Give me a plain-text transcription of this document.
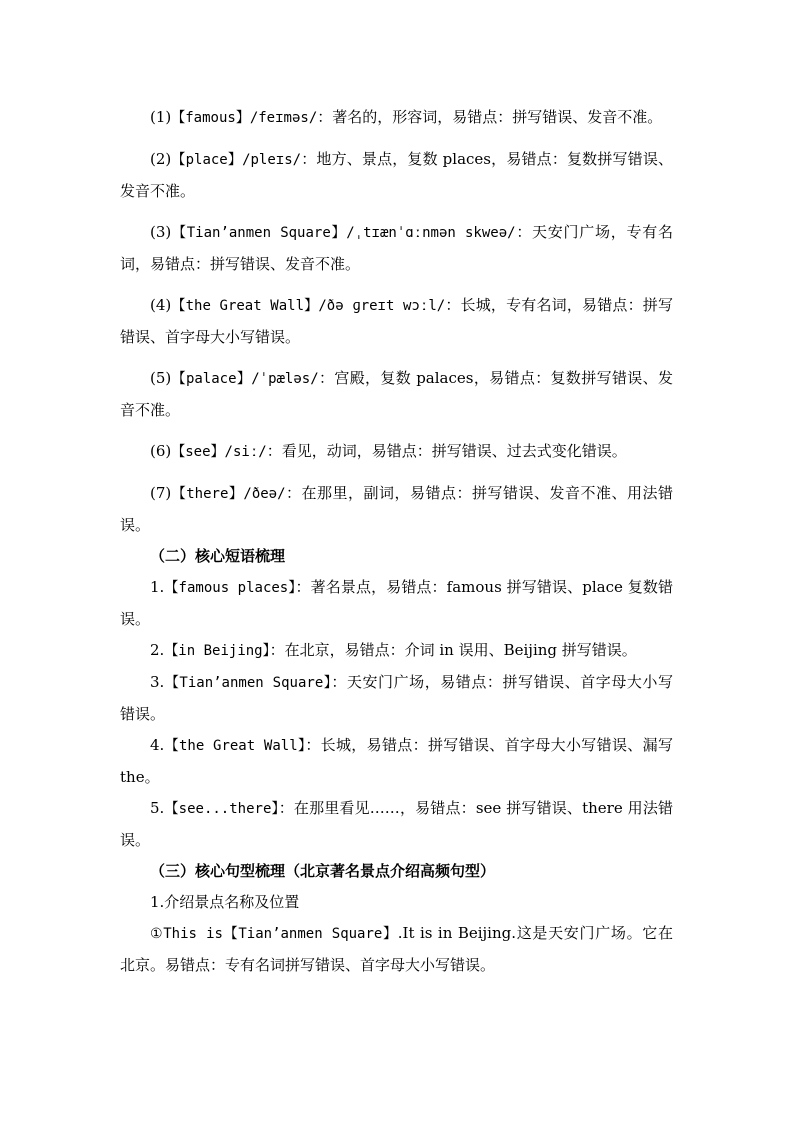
(1)【famous】/feɪməs/：著名的，形容词，易错点：拼写错误、发音不准。

(2)【place】/pleɪs/：地方、景点，复数 places，易错点：复数拼写错误、发音不准。

(3)【Tian’anmen Square】/ˌtɪænˈɑːnmən skweə/：天安门广场，专有名词，易错点：拼写错误、发音不准。

(4)【the Great Wall】/ðə ɡreɪt wɔːl/：长城，专有名词，易错点：拼写错误、首字母大小写错误。

(5)【palace】/ˈpæləs/：宫殿，复数 palaces，易错点：复数拼写错误、发音不准。

(6)【see】/siː/：看见，动词，易错点：拼写错误、过去式变化错误。

(7)【there】/ðeə/：在那里，副词，易错点：拼写错误、发音不准、用法错误。

（二）核心短语梳理

1.【famous places】：著名景点，易错点：famous 拼写错误、place 复数错误。

2.【in Beijing】：在北京，易错点：介词 in 误用、Beijing 拼写错误。

3.【Tian’anmen Square】：天安门广场，易错点：拼写错误、首字母大小写错误。

4.【the Great Wall】：长城，易错点：拼写错误、首字母大小写错误、漏写 the。

5.【see...there】：在那里看见……，易错点：see 拼写错误、there 用法错误。

（三）核心句型梳理（北京著名景点介绍高频句型）

1.介绍景点名称及位置

①This is【Tian’anmen Square】.It is in Beijing.这是天安门广场。它在北京。易错点：专有名词拼写错误、首字母大小写错误。
